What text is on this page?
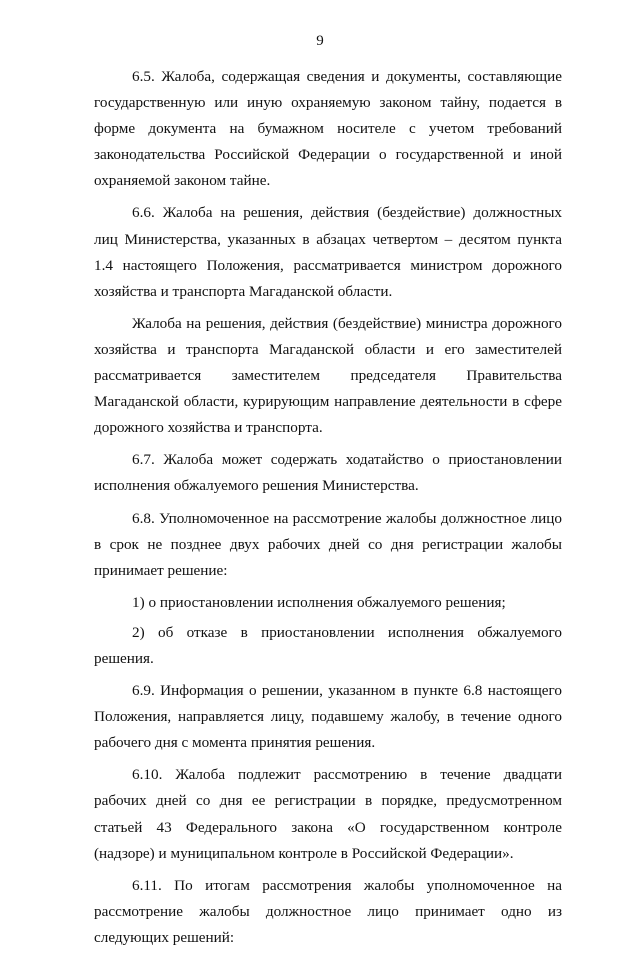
9

6.5. Жалоба, содержащая сведения и документы, составляющие государственную или иную охраняемую законом тайну, подается в форме документа на бумажном носителе с учетом требований законодательства Российской Федерации о государственной и иной охраняемой законом тайне.

6.6. Жалоба на решения, действия (бездействие) должностных лиц Министерства, указанных в абзацах четвертом – десятом пункта 1.4 настоящего Положения, рассматривается министром дорожного хозяйства и транспорта Магаданской области.

Жалоба на решения, действия (бездействие) министра дорожного хозяйства и транспорта Магаданской области и его заместителей рассматривается заместителем председателя Правительства Магаданской области, курирующим направление деятельности в сфере дорожного хозяйства и транспорта.

6.7. Жалоба может содержать ходатайство о приостановлении исполнения обжалуемого решения Министерства.

6.8. Уполномоченное на рассмотрение жалобы должностное лицо в срок не позднее двух рабочих дней со дня регистрации жалобы принимает решение:

1) о приостановлении исполнения обжалуемого решения;

2) об отказе в приостановлении исполнения обжалуемого решения.

6.9. Информация о решении, указанном в пункте 6.8 настоящего Положения, направляется лицу, подавшему жалобу, в течение одного рабочего дня с момента принятия решения.

6.10. Жалоба подлежит рассмотрению в течение двадцати рабочих дней со дня ее регистрации в порядке, предусмотренном статьей 43 Федерального закона «О государственном контроле (надзоре) и муниципальном контроле в Российской Федерации».

6.11. По итогам рассмотрения жалобы уполномоченное на рассмотрение жалобы должностное лицо принимает одно из следующих решений:
